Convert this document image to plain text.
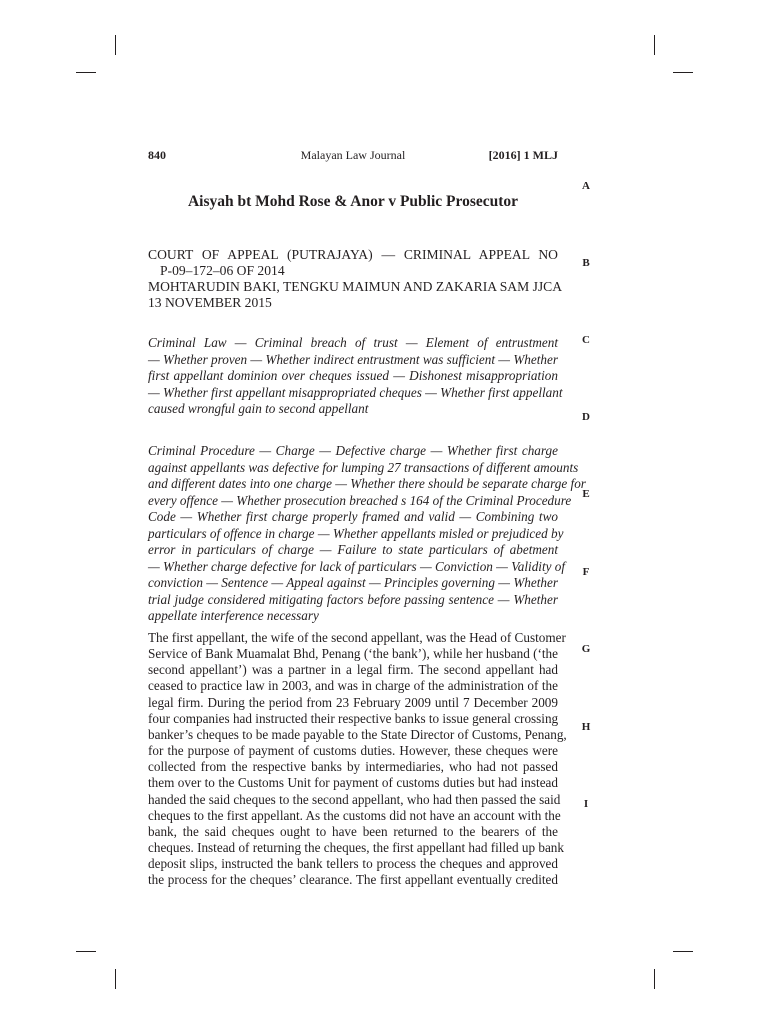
840	Malayan Law Journal	[2016] 1 MLJ
Aisyah bt Mohd Rose & Anor v Public Prosecutor
COURT OF APPEAL (PUTRAJAYA) — CRIMINAL APPEAL NO
P-09–172–06 OF 2014
MOHTARUDIN BAKI, TENGKU MAIMUN AND ZAKARIA SAM JJCA
13 NOVEMBER 2015
Criminal Law — Criminal breach of trust — Element of entrustment
— Whether proven — Whether indirect entrustment was sufficient — Whether
first appellant dominion over cheques issued — Dishonest misappropriation
— Whether first appellant misappropriated cheques — Whether first appellant
caused wrongful gain to second appellant
Criminal Procedure — Charge — Defective charge — Whether first charge
against appellants was defective for lumping 27 transactions of different amounts
and different dates into one charge — Whether there should be separate charge for
every offence — Whether prosecution breached s 164 of the Criminal Procedure
Code — Whether first charge properly framed and valid — Combining two
particulars of offence in charge — Whether appellants misled or prejudiced by
error in particulars of charge — Failure to state particulars of abetment
— Whether charge defective for lack of particulars — Conviction — Validity of
conviction — Sentence — Appeal against — Principles governing — Whether
trial judge considered mitigating factors before passing sentence — Whether
appellate interference necessary
The first appellant, the wife of the second appellant, was the Head of Customer
Service of Bank Muamalat Bhd, Penang (‘the bank’), while her husband (‘the
second appellant’) was a partner in a legal firm. The second appellant had
ceased to practice law in 2003, and was in charge of the administration of the
legal firm. During the period from 23 February 2009 until 7 December 2009
four companies had instructed their respective banks to issue general crossing
banker’s cheques to be made payable to the State Director of Customs, Penang,
for the purpose of payment of customs duties. However, these cheques were
collected from the respective banks by intermediaries, who had not passed
them over to the Customs Unit for payment of customs duties but had instead
handed the said cheques to the second appellant, who had then passed the said
cheques to the first appellant. As the customs did not have an account with the
bank, the said cheques ought to have been returned to the bearers of the
cheques. Instead of returning the cheques, the first appellant had filled up bank
deposit slips, instructed the bank tellers to process the cheques and approved
the process for the cheques’ clearance. The first appellant eventually credited
A
B
C
D
E
F
G
H
I
